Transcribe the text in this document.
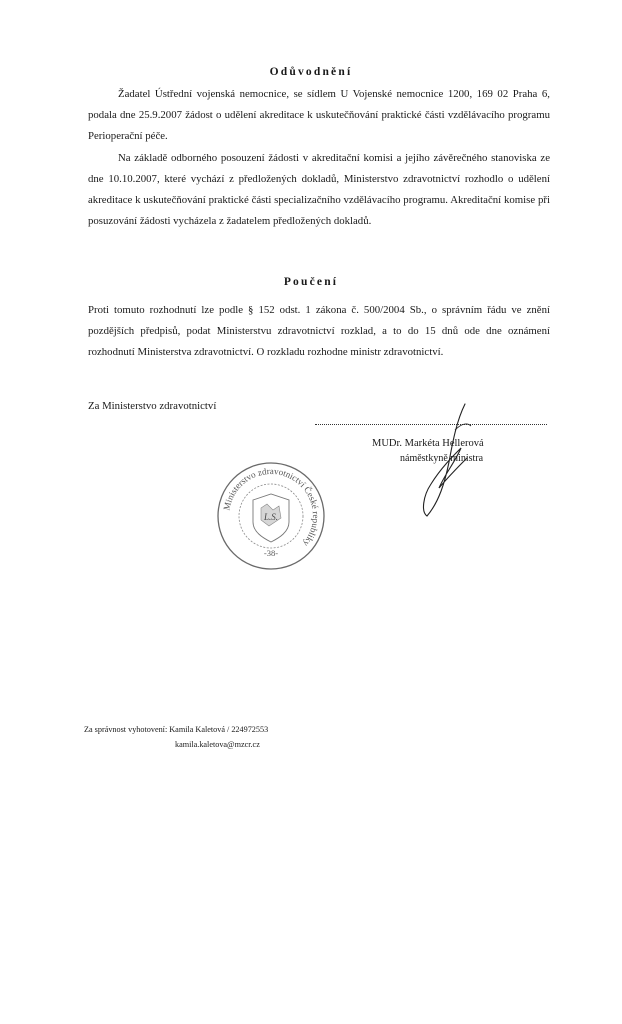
Odůvodnění
Žadatel Ústřední vojenská nemocnice, se sídlem U Vojenské nemocnice 1200, 169 02 Praha 6, podala dne 25.9.2007 žádost o udělení akreditace k uskutečňování praktické části vzdělávacího programu Perioperační péče.
Na základě odborného posouzení žádosti v akreditační komisi a jejího závěrečného stanoviska ze dne 10.10.2007, které vychází z předložených dokladů, Ministerstvo zdravotnictví rozhodlo o udělení akreditace k uskutečňování praktické části specializačního vzdělávacího programu. Akreditační komise při posuzování žádosti vycházela z žadatelem předložených dokladů.
Poučení
Proti tomuto rozhodnutí lze podle § 152 odst. 1 zákona č. 500/2004 Sb., o správním řádu ve znění pozdějších předpisů, podat Ministerstvu zdravotnictví rozklad, a to do 15 dnů ode dne oznámení rozhodnutí Ministerstva zdravotnictví. O rozkladu rozhodne ministr zdravotnictví.
Za Ministerstvo zdravotnictví
MUDr. Markéta Hellerová
náměstkyně ministra
Ministerstvo zdravotnictví České republiky
L.S.
-38-
Za správnost vyhotovení: Kamila Kaletová / 224972553
kamila.kaletova@mzcr.cz
